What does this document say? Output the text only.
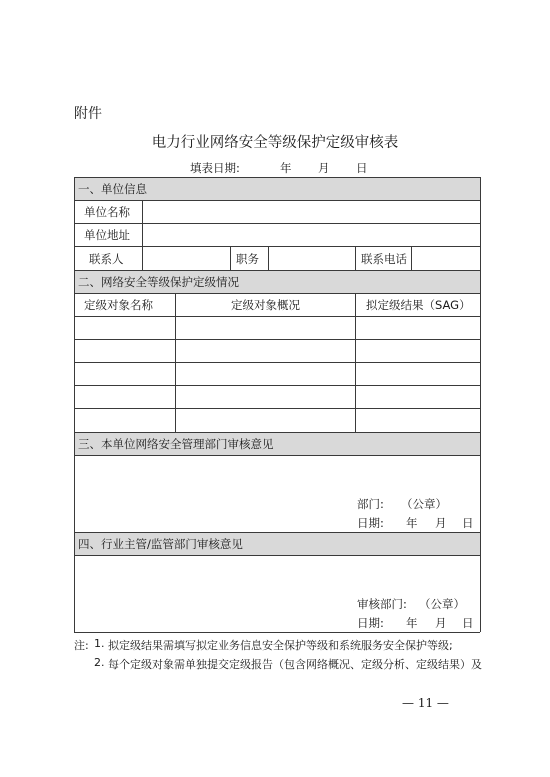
附件
电力行业网络安全等级保护定级审核表
填表日期:	年 月 日
一、单位信息
单位名称
单位地址
联系人	职务	联系电话
二、网络安全等级保护定级情况
定级对象名称	定级对象概况	拟定级结果（SAG）
三、本单位网络安全管理部门审核意见
部门: （公章）
日期: 年 月 日
四、行业主管/监管部门审核意见
审核部门: （公章）
日期: 年 月 日
注: 1. 拟定级结果需填写拟定业务信息安全保护等级和系统服务安全保护等级;
2. 每个定级对象需单独提交定级报告（包含网络概况、定级分析、定级结果）及
— 11 —
